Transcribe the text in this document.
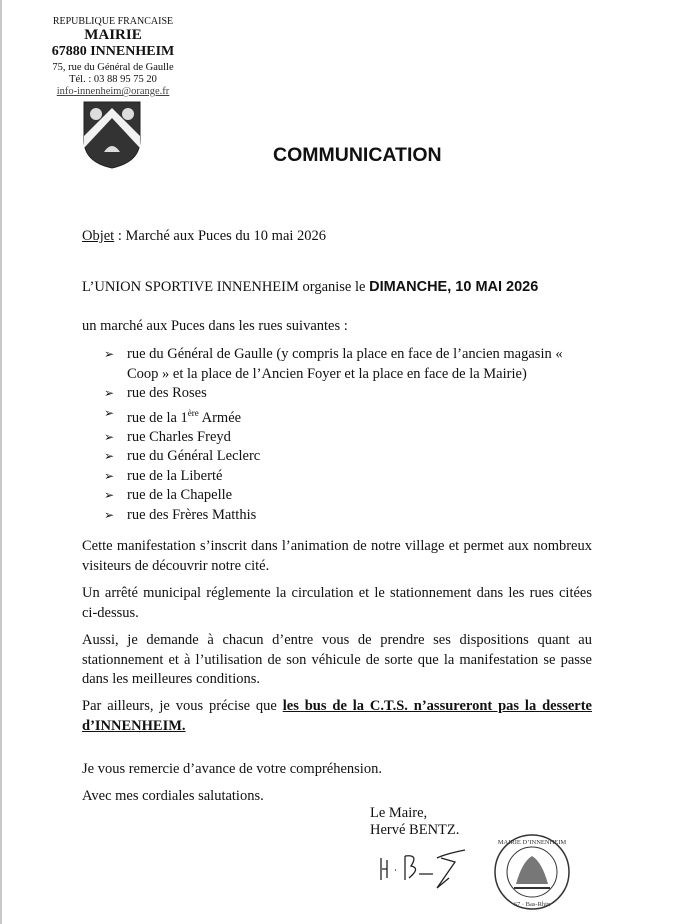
REPUBLIQUE FRANCAISE
MAIRIE
67880 INNENHEIM
75, rue du Général de Gaulle
Tél. : 03 88 95 75 20
info-innenheim@orange.fr
COMMUNICATION
Objet : Marché aux Puces du 10 mai 2026
L’UNION SPORTIVE INNENHEIM organise le DIMANCHE, 10 MAI 2026
un marché aux Puces dans les rues suivantes :
➢ rue du Général de Gaulle (y compris la place en face de l’ancien magasin « Coop » et la place de l’Ancien Foyer et la place en face de la Mairie)
➢ rue des Roses
➢ rue de la 1ère Armée
➢ rue Charles Freyd
➢ rue du Général Leclerc
➢ rue de la Liberté
➢ rue de la Chapelle
➢ rue des Frères Matthis

Cette manifestation s’inscrit dans l’animation de notre village et permet aux nombreux visiteurs de découvrir notre cité.

Un arrêté municipal réglemente la circulation et le stationnement dans les rues citées ci-dessus.

Aussi, je demande à chacun d’entre vous de prendre ses dispositions quant au stationnement et à l’utilisation de son véhicule de sorte que la manifestation se passe dans les meilleures conditions.

Par ailleurs, je vous précise que les bus de la C.T.S. n’assureront pas la desserte d’INNENHEIM.

Je vous remercie d’avance de votre compréhension.

Avec mes cordiales salutations.

Le Maire,
Hervé BENTZ.
MAIRIE D’INNENHEIM
67 · Bas-Rhin
